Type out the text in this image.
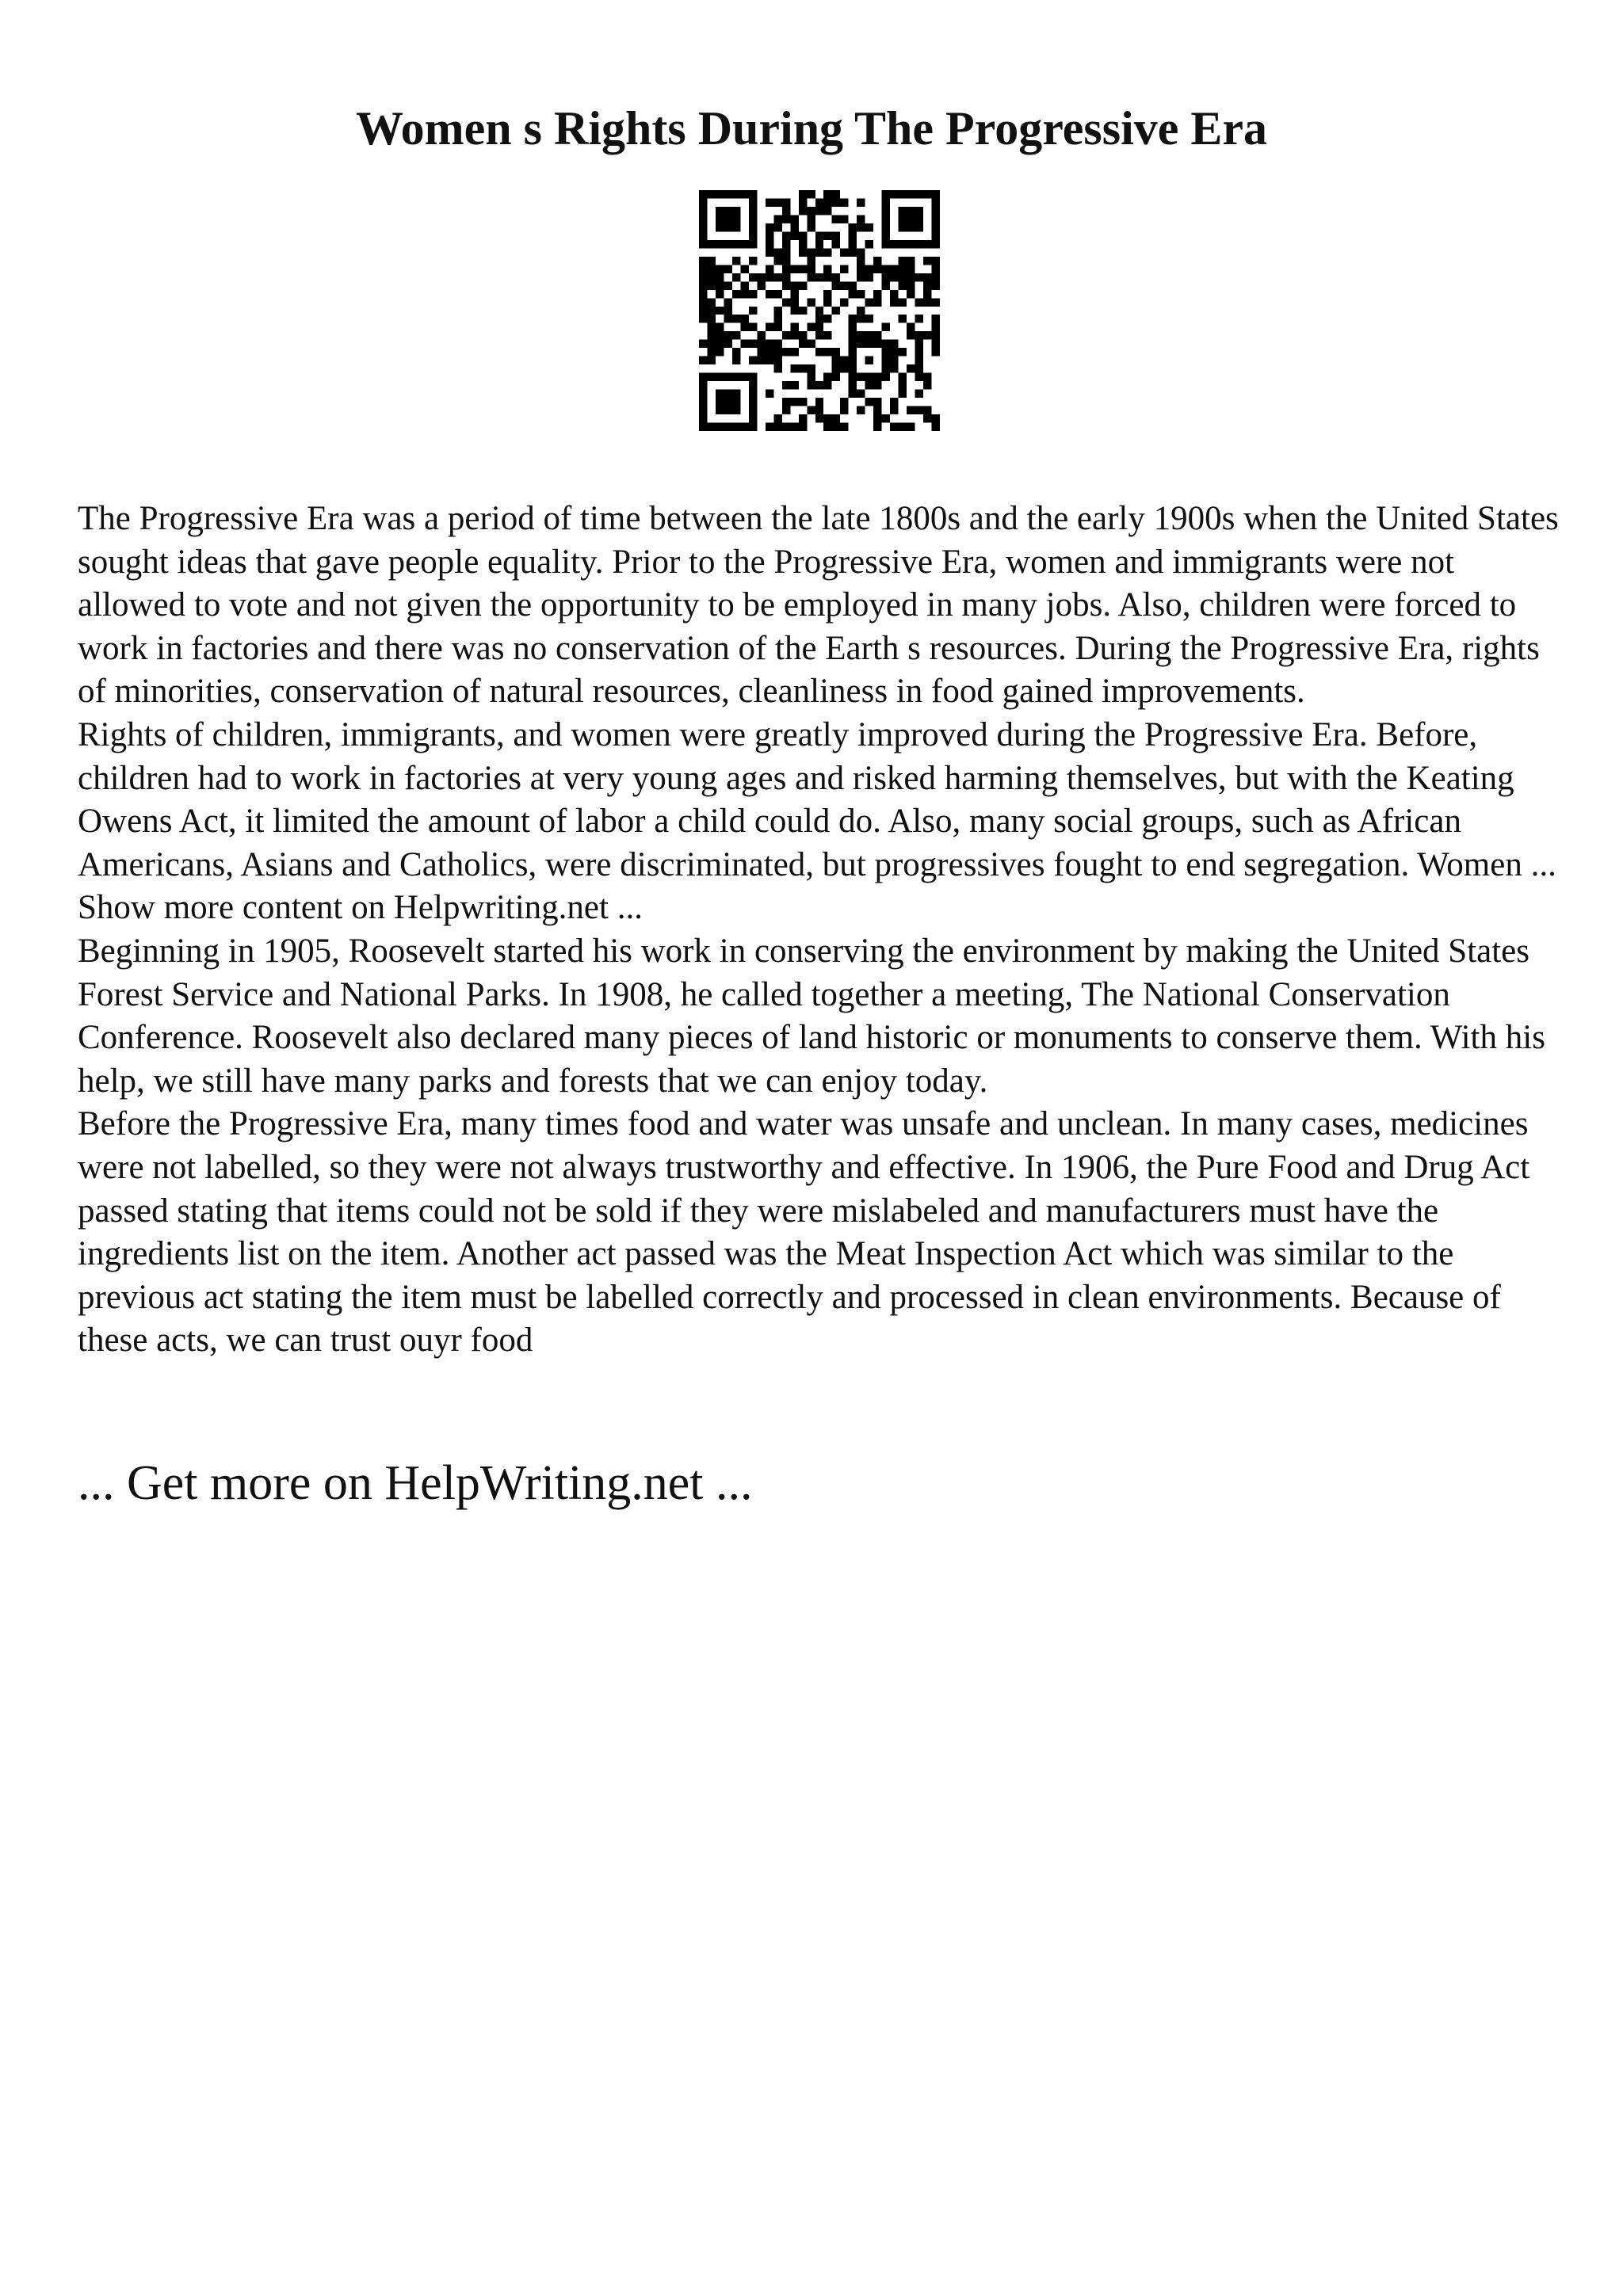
Women s Rights During The Progressive Era

The Progressive Era was a period of time between the late 1800s and the early 1900s when the United States sought ideas that gave people equality. Prior to the Progressive Era, women and immigrants were not allowed to vote and not given the opportunity to be employed in many jobs. Also, children were forced to work in factories and there was no conservation of the Earth s resources. During the Progressive Era, rights of minorities, conservation of natural resources, cleanliness in food gained improvements.

Rights of children, immigrants, and women were greatly improved during the Progressive Era. Before, children had to work in factories at very young ages and risked harming themselves, but with the Keating Owens Act, it limited the amount of labor a child could do. Also, many social groups, such as African Americans, Asians and Catholics, were discriminated, but progressives fought to end segregation. Women ... Show more content on Helpwriting.net ...

Beginning in 1905, Roosevelt started his work in conserving the environment by making the United States Forest Service and National Parks. In 1908, he called together a meeting, The National Conservation Conference. Roosevelt also declared many pieces of land historic or monuments to conserve them. With his help, we still have many parks and forests that we can enjoy today.

Before the Progressive Era, many times food and water was unsafe and unclean. In many cases, medicines were not labelled, so they were not always trustworthy and effective. In 1906, the Pure Food and Drug Act passed stating that items could not be sold if they were mislabeled and manufacturers must have the ingredients list on the item. Another act passed was the Meat Inspection Act which was similar to the previous act stating the item must be labelled correctly and processed in clean environments. Because of these acts, we can trust ouyr food

... Get more on HelpWriting.net ...
